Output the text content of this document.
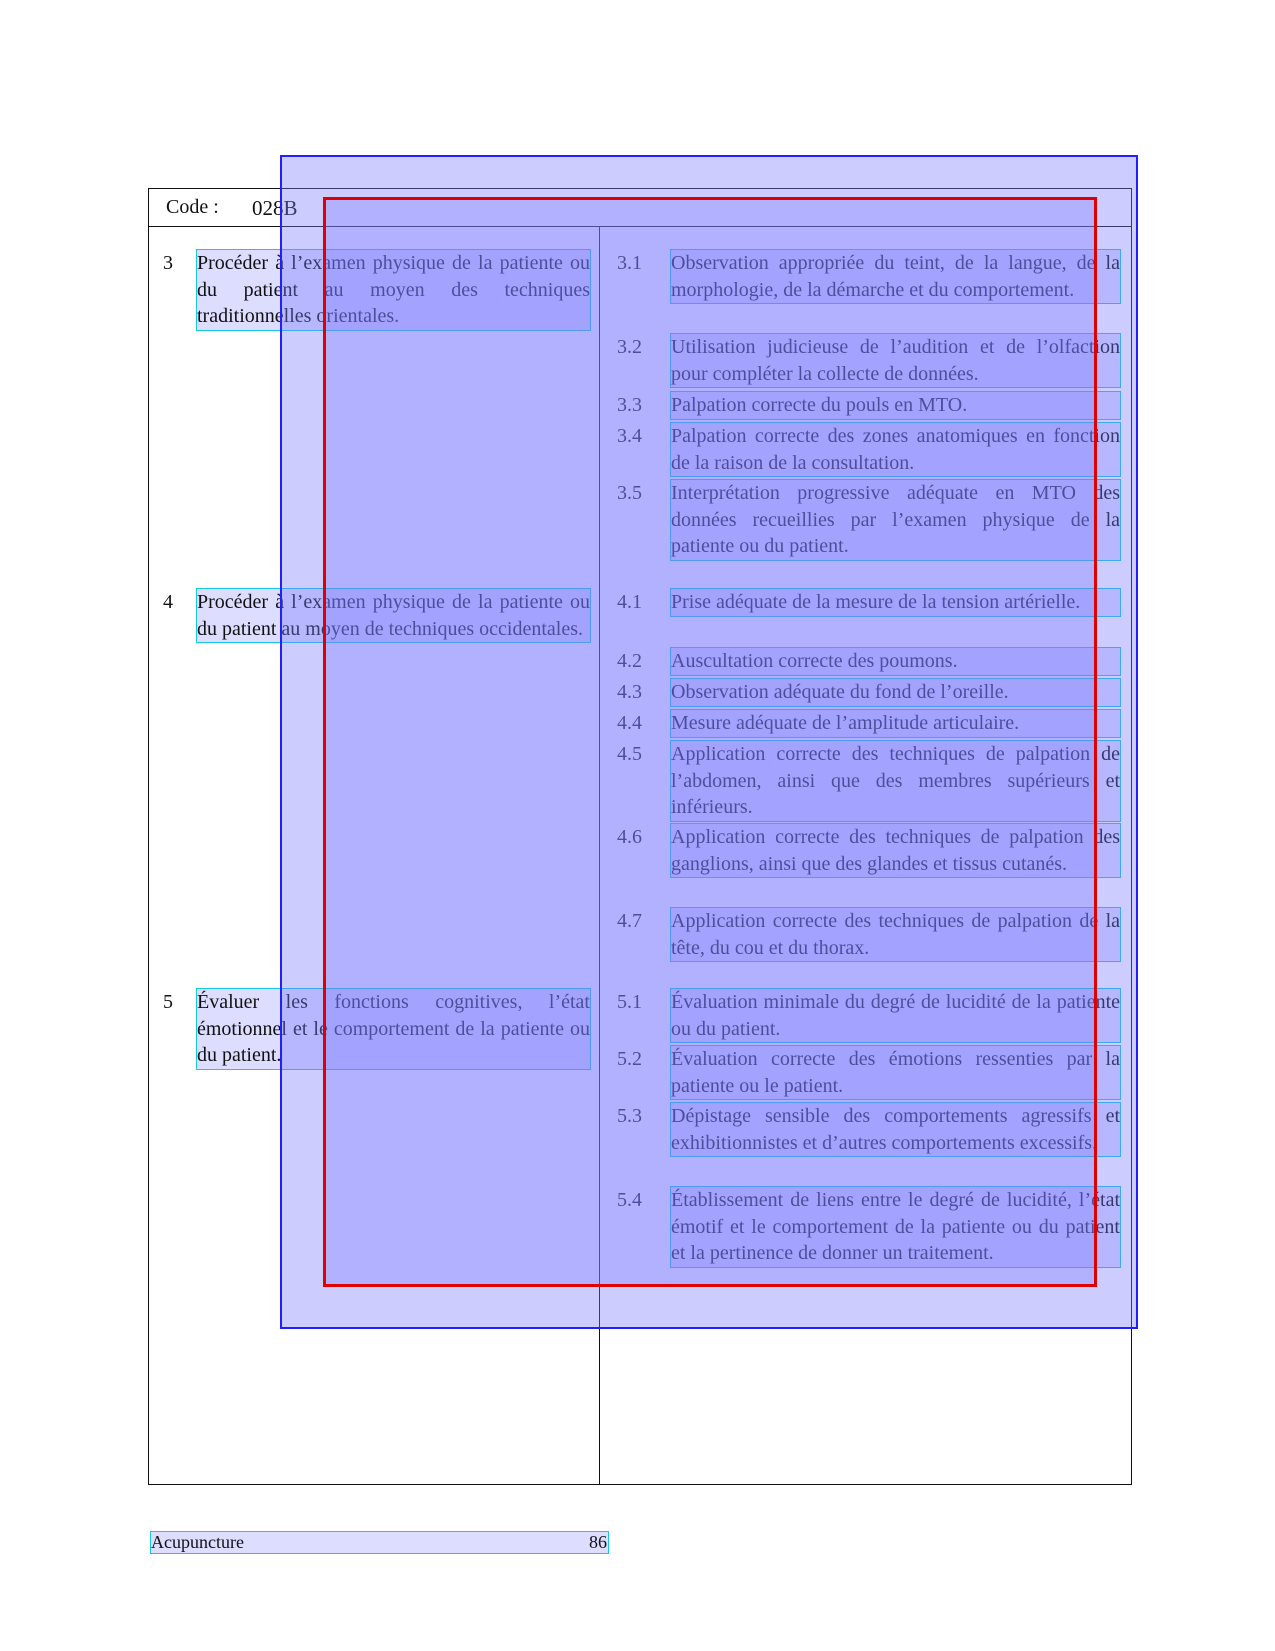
Code : 028B
3 Procéder à l’examen physique de la patiente ou du patient au moyen des techniques traditionnelles orientales.
4 Procéder à l’examen physique de la patiente ou du patient au moyen de techniques occidentales.
5 Évaluer les fonctions cognitives, l’état émotionnel et le comportement de la patiente ou du patient.
3.1 Observation appropriée du teint, de la langue, de la morphologie, de la démarche et du comportement.
3.2 Utilisation judicieuse de l’audition et de l’olfaction pour compléter la collecte de données.
3.3 Palpation correcte du pouls en MTO.
3.4 Palpation correcte des zones anatomiques en fonction de la raison de la consultation.
3.5 Interprétation progressive adéquate en MTO des données recueillies par l’examen physique de la patiente ou du patient.
4.1 Prise adéquate de la mesure de la tension artérielle.
4.2 Auscultation correcte des poumons.
4.3 Observation adéquate du fond de l’oreille.
4.4 Mesure adéquate de l’amplitude articulaire.
4.5 Application correcte des techniques de palpation de l’abdomen, ainsi que des membres supérieurs et inférieurs.
4.6 Application correcte des techniques de palpation des ganglions, ainsi que des glandes et tissus cutanés.
4.7 Application correcte des techniques de palpation de la tête, du cou et du thorax.
5.1 Évaluation minimale du degré de lucidité de la patiente ou du patient.
5.2 Évaluation correcte des émotions ressenties par la patiente ou le patient.
5.3 Dépistage sensible des comportements agressifs et exhibitionnistes et d’autres comportements excessifs.
5.4 Établissement de liens entre le degré de lucidité, l’état émotif et le comportement de la patiente ou du patient et la pertinence de donner un traitement.
Acupuncture	86
